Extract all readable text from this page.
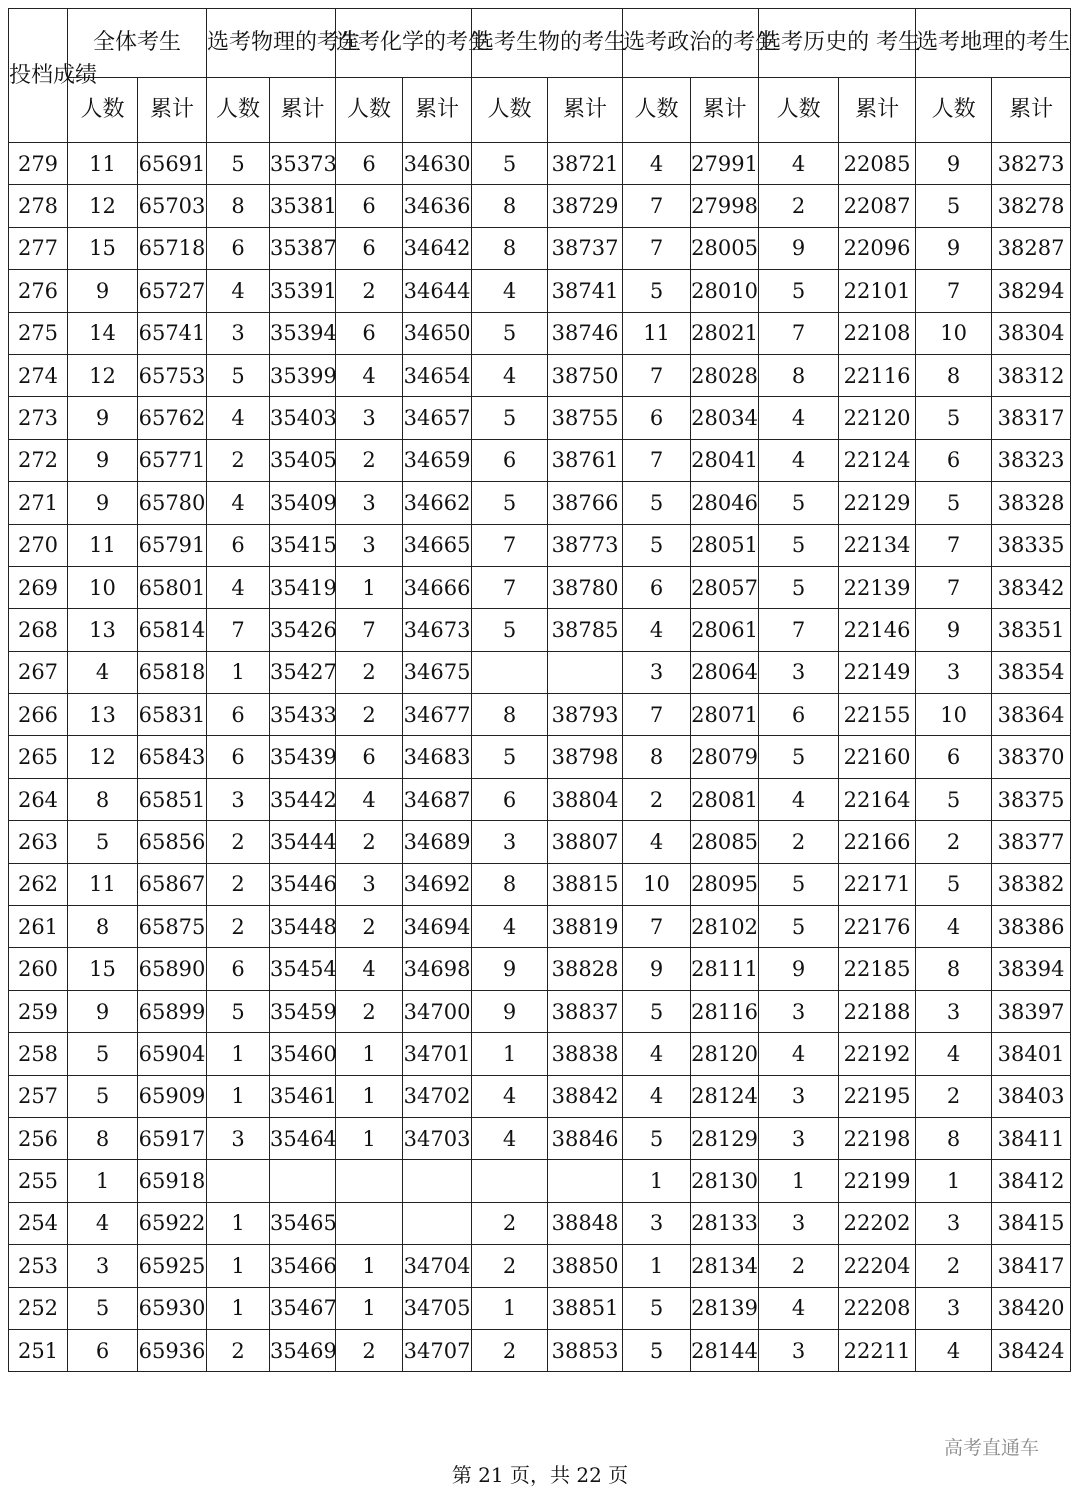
投档成绩	全体考生		选考物理的考生		选考化学的考生		选考生物的考生		选考政治的考生		选考历史的 考生		选考地理的考生	
	人数	累计	人数	累计	人数	累计	人数	累计	人数	累计	人数	累计	人数	累计
279	11	65691	5	35373	6	34630	5	38721	4	27991	4	22085	9	38273
278	12	65703	8	35381	6	34636	8	38729	7	27998	2	22087	5	38278
277	15	65718	6	35387	6	34642	8	38737	7	28005	9	22096	9	38287
276	9	65727	4	35391	2	34644	4	38741	5	28010	5	22101	7	38294
275	14	65741	3	35394	6	34650	5	38746	11	28021	7	22108	10	38304
274	12	65753	5	35399	4	34654	4	38750	7	28028	8	22116	8	38312
273	9	65762	4	35403	3	34657	5	38755	6	28034	4	22120	5	38317
272	9	65771	2	35405	2	34659	6	38761	7	28041	4	22124	6	38323
271	9	65780	4	35409	3	34662	5	38766	5	28046	5	22129	5	38328
270	11	65791	6	35415	3	34665	7	38773	5	28051	5	22134	7	38335
269	10	65801	4	35419	1	34666	7	38780	6	28057	5	22139	7	38342
268	13	65814	7	35426	7	34673	5	38785	4	28061	7	22146	9	38351
267	4	65818	1	35427	2	34675			3	28064	3	22149	3	38354
266	13	65831	6	35433	2	34677	8	38793	7	28071	6	22155	10	38364
265	12	65843	6	35439	6	34683	5	38798	8	28079	5	22160	6	38370
264	8	65851	3	35442	4	34687	6	38804	2	28081	4	22164	5	38375
263	5	65856	2	35444	2	34689	3	38807	4	28085	2	22166	2	38377
262	11	65867	2	35446	3	34692	8	38815	10	28095	5	22171	5	38382
261	8	65875	2	35448	2	34694	4	38819	7	28102	5	22176	4	38386
260	15	65890	6	35454	4	34698	9	38828	9	28111	9	22185	8	38394
259	9	65899	5	35459	2	34700	9	38837	5	28116	3	22188	3	38397
258	5	65904	1	35460	1	34701	1	38838	4	28120	4	22192	4	38401
257	5	65909	1	35461	1	34702	4	38842	4	28124	3	22195	2	38403
256	8	65917	3	35464	1	34703	4	38846	5	28129	3	22198	8	38411
255	1	65918							1	28130	1	22199	1	38412
254	4	65922	1	35465			2	38848	3	28133	3	22202	3	38415
253	3	65925	1	35466	1	34704	2	38850	1	28134	2	22204	2	38417
252	5	65930	1	35467	1	34705	1	38851	5	28139	4	22208	3	38420
251	6	65936	2	35469	2	34707	2	38853	5	28144	3	22211	4	38424
高考直通车
第 21 页，共 22 页
